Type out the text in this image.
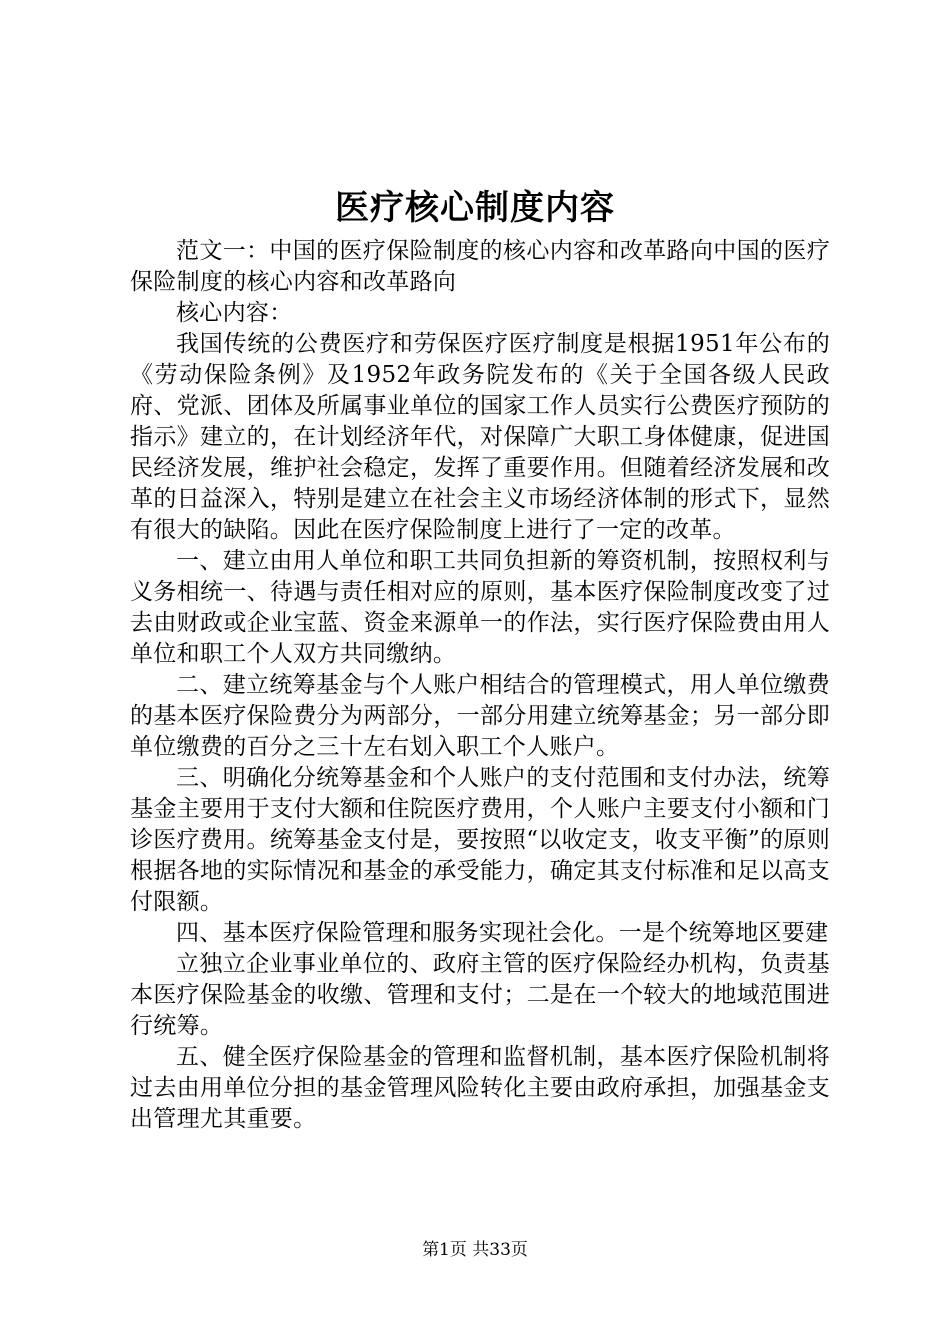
医疗核心制度内容

范文一：中国的医疗保险制度的核心内容和改革路向中国的医疗保险制度的核心内容和改革路向

核心内容：

我国传统的公费医疗和劳保医疗医疗制度是根据1951年公布的《劳动保险条例》及1952年政务院发布的《关于全国各级人民政府、党派、团体及所属事业单位的国家工作人员实行公费医疗预防的指示》建立的，在计划经济年代，对保障广大职工身体健康，促进国民经济发展，维护社会稳定，发挥了重要作用。但随着经济发展和改革的日益深入，特别是建立在社会主义市场经济体制的形式下，显然有很大的缺陷。因此在医疗保险制度上进行了一定的改革。

一、建立由用人单位和职工共同负担新的筹资机制，按照权利与义务相统一、待遇与责任相对应的原则，基本医疗保险制度改变了过去由财政或企业宝蓝、资金来源单一的作法，实行医疗保险费由用人单位和职工个人双方共同缴纳。

二、建立统筹基金与个人账户相结合的管理模式，用人单位缴费的基本医疗保险费分为两部分，一部分用建立统筹基金；另一部分即单位缴费的百分之三十左右划入职工个人账户。

三、明确化分统筹基金和个人账户的支付范围和支付办法，统筹基金主要用于支付大额和住院医疗费用，个人账户主要支付小额和门诊医疗费用。统筹基金支付是，要按照“以收定支，收支平衡”的原则根据各地的实际情况和基金的承受能力，确定其支付标准和足以高支付限额。

四、基本医疗保险管理和服务实现社会化。一是个统筹地区要建

立独立企业事业单位的、政府主管的医疗保险经办机构，负责基本医疗保险基金的收缴、管理和支付；二是在一个较大的地域范围进行统筹。

五、健全医疗保险基金的管理和监督机制，基本医疗保险机制将过去由用单位分担的基金管理风险转化主要由政府承担，加强基金支出管理尤其重要。

第1页 共33页
